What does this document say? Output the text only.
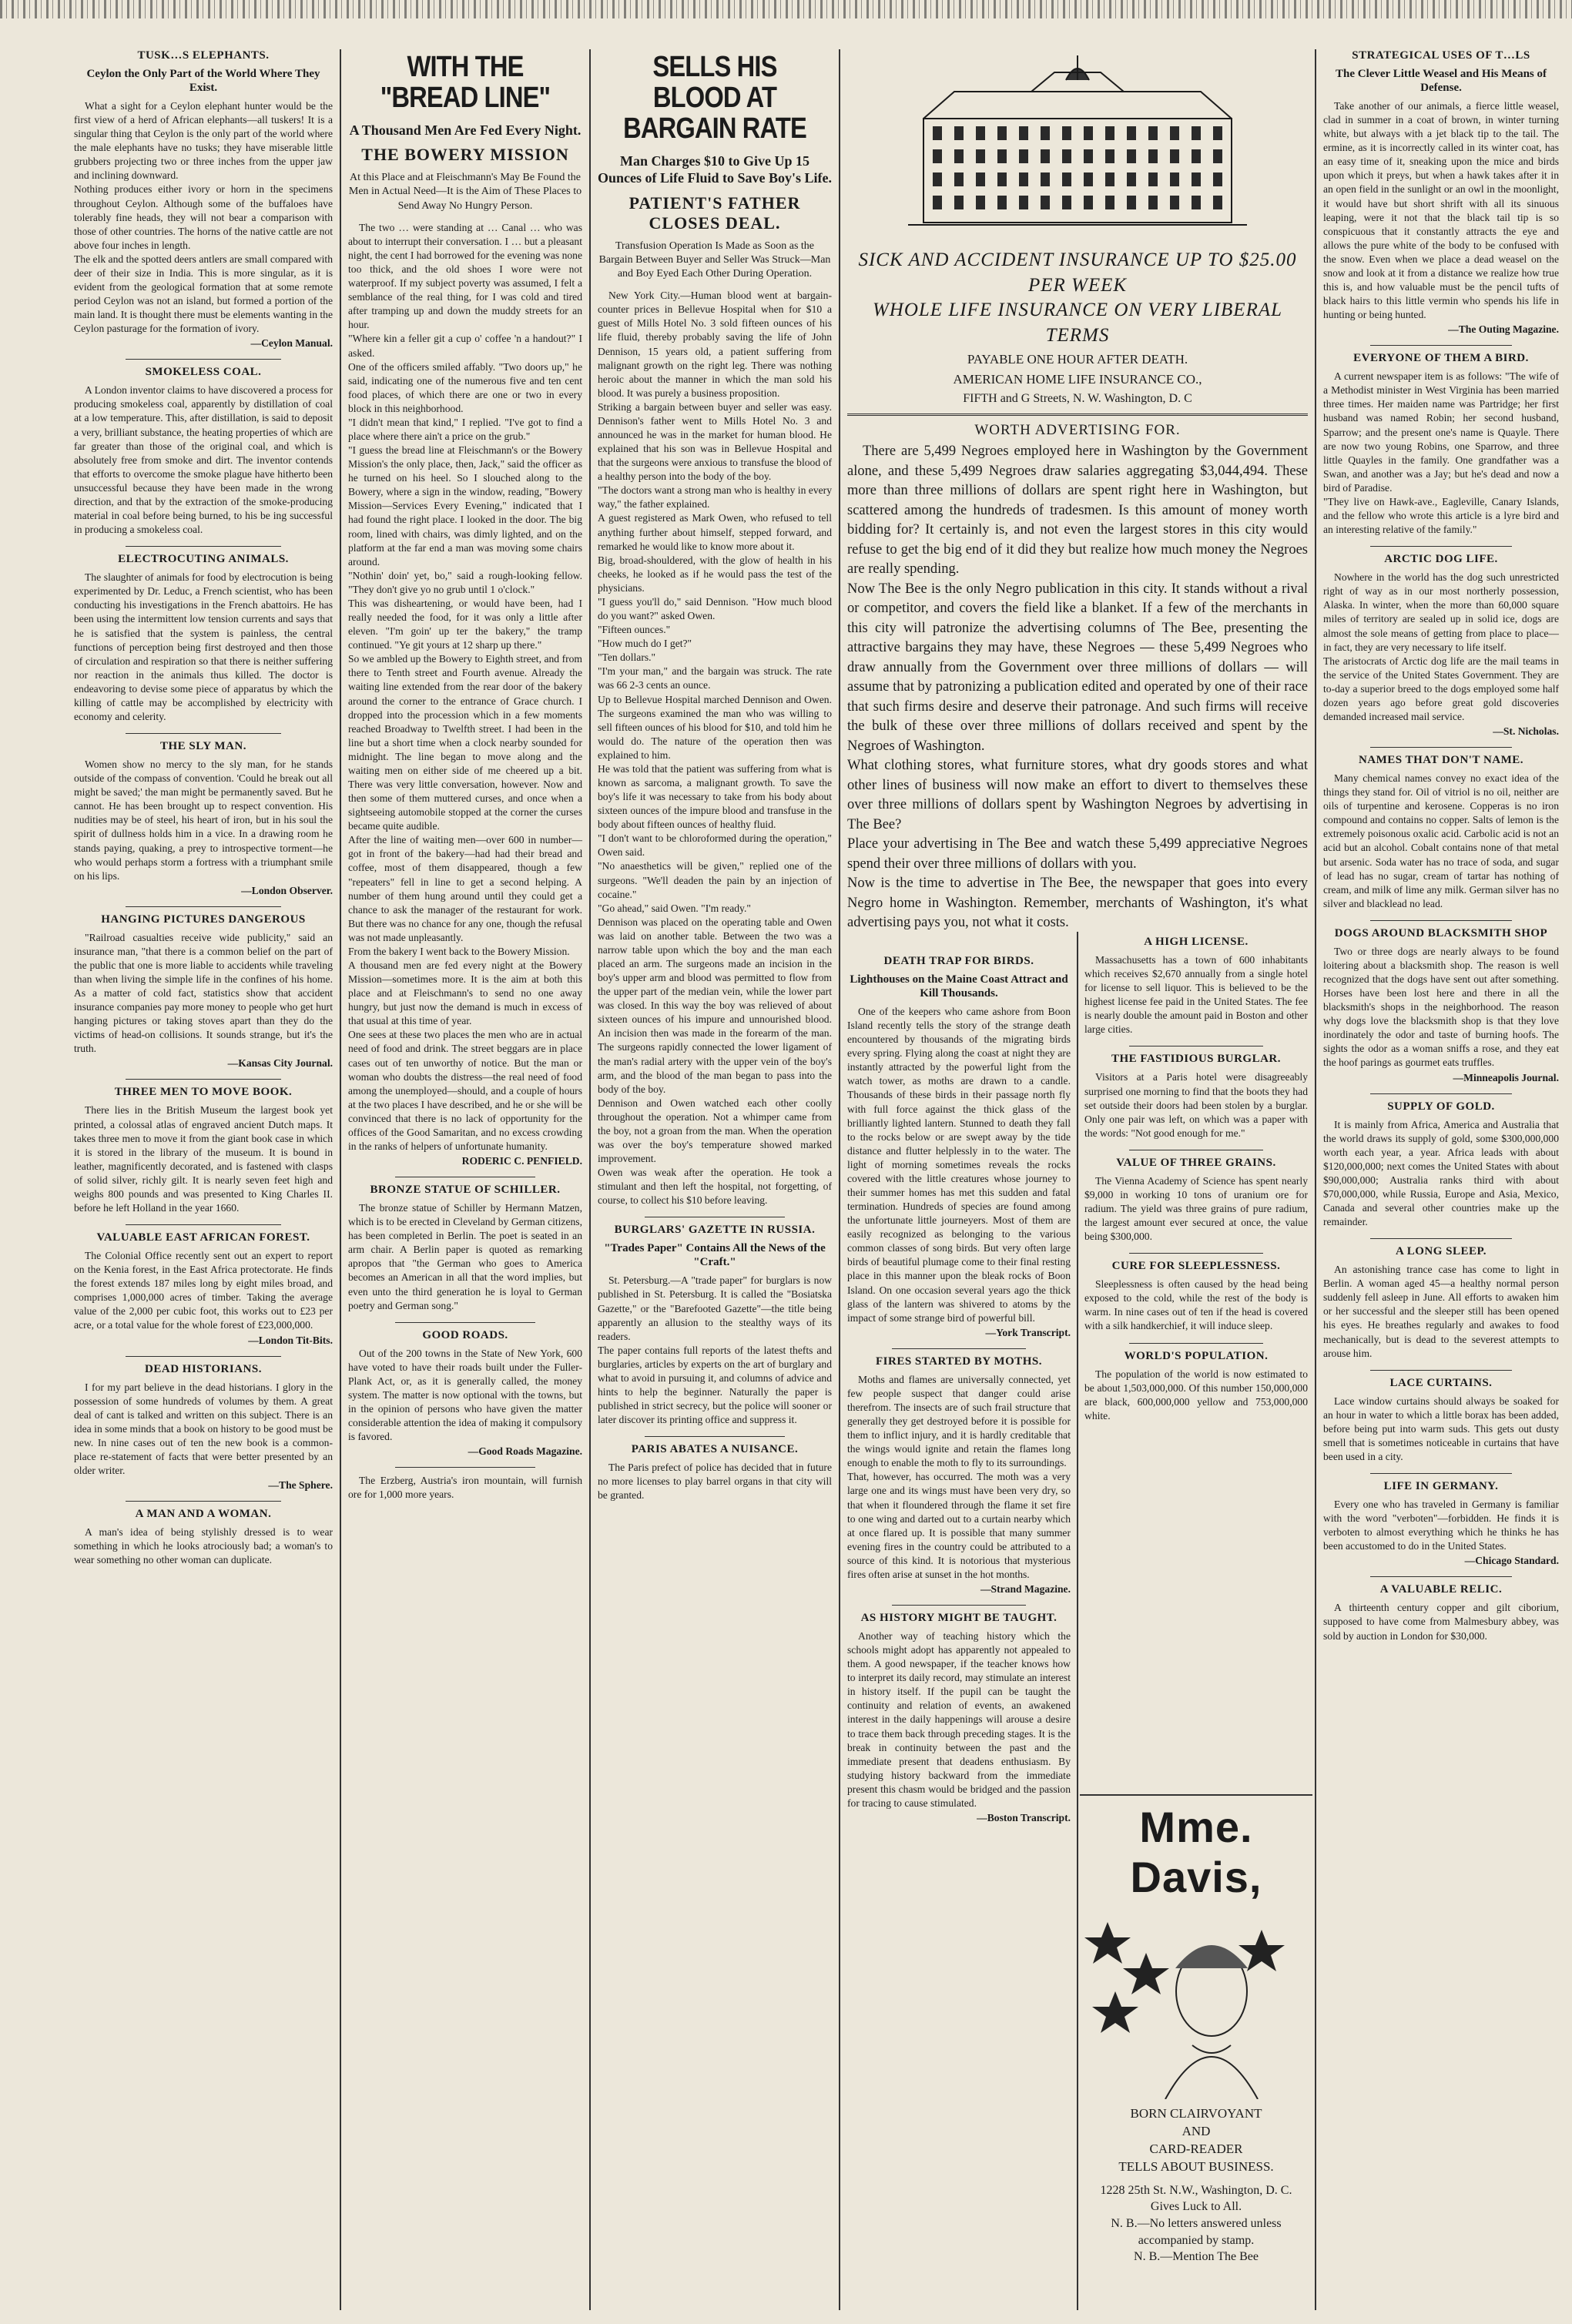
TUSK…S ELEPHANTS.

Ceylon the Only Part of the World Where They Exist.

What a sight for a Ceylon elephant hunter would be the first view of a herd of African elephants—all tuskers! It is a singular thing that Ceylon is the only part of the world where the male elephants have no tusks; they have miserable little grubbers projecting two or three inches from the upper jaw and inclining downward.
Nothing produces either ivory or horn in the specimens throughout Ceylon. Although some of the buffaloes have tolerably fine heads, they will not bear a comparison with those of other countries. The horns of the native cattle are not above four inches in length.
The elk and the spotted deers antlers are small compared with deer of their size in India. This is more singular, as it is evident from the geological formation that at some remote period Ceylon was not an island, but formed a portion of the main land. It is thought there must be elements wanting in the Ceylon pasturage for the formation of ivory.

—Ceylon Manual.

SMOKELESS COAL.

A London inventor claims to have discovered a process for producing smokeless coal, apparently by distillation of coal at a low temperature. This, after distillation, is said to deposit a very, brilliant substance, the heating properties of which are far greater than those of the original coal, and which is absolutely free from smoke and dirt. The inventor contends that efforts to overcome the smoke plague have hitherto been unsuccessful because they have been made in the wrong direction, and that by the extraction of the smoke-producing material in coal before being burned, to his be ing successful in producing a smokeless coal.

ELECTROCUTING ANIMALS.

The slaughter of animals for food by electrocution is being experimented by Dr. Leduc, a French scientist, who has been conducting his investigations in the French abattoirs. He has been using the intermittent low tension currents and says that he is satisfied that the system is painless, the central functions of perception being first destroyed and then those of circulation and respiration so that there is neither suffering nor reaction in the animals thus killed. The doctor is endeavoring to devise some piece of apparatus by which the killing of cattle may be accomplished by electricity with economy and celerity.

THE SLY MAN.

Women show no mercy to the sly man, for he stands outside of the compass of convention. 'Could he break out all might be saved;' the man might be permanently saved. But he cannot. He has been brought up to respect convention. His nudities may be of steel, his heart of iron, but in his soul the spirit of dullness holds him in a vice. In a drawing room he stands paying, quaking, a prey to introspective torment—he who would perhaps storm a fortress with a triumphant smile on his lips.

—London Observer.

HANGING PICTURES DANGEROUS

"Railroad casualties receive wide publicity," said an insurance man, "that there is a common belief on the part of the public that one is more liable to accidents while traveling than when living the simple life in the confines of his home. As a matter of cold fact, statistics show that accident insurance companies pay more money to people who get hurt hanging pictures or taking stoves apart than they do the victims of head-on collisions. It sounds strange, but it's the truth.

—Kansas City Journal.

THREE MEN TO MOVE BOOK.

There lies in the British Museum the largest book yet printed, a colossal atlas of engraved ancient Dutch maps. It takes three men to move it from the giant book case in which it is stored in the library of the museum. It is bound in leather, magnificently decorated, and is fastened with clasps of solid silver, richly gilt. It is nearly seven feet high and weighs 800 pounds and was presented to King Charles II. before he left Holland in the year 1660.

VALUABLE EAST AFRICAN FOREST.

The Colonial Office recently sent out an expert to report on the Kenia forest, in the East Africa protectorate. He finds the forest extends 187 miles long by eight miles broad, and comprises 1,000,000 acres of timber. Taking the average value of the 2,000 per cubic foot, this works out to £23 per acre, or a total value for the whole forest of £23,000,000.

—London Tit-Bits.

DEAD HISTORIANS.

I for my part believe in the dead historians. I glory in the possession of some hundreds of volumes by them. A great deal of cant is talked and written on this subject. There is an idea in some minds that a book on history to be good must be new. In nine cases out of ten the new book is a common-place re-statement of facts that were better presented by an older writer.

—The Sphere.

A MAN AND A WOMAN.

A man's idea of being stylishly dressed is to wear something in which he looks atrociously bad; a woman's to wear something no other woman can duplicate.

WITH THE "BREAD LINE"

A Thousand Men Are Fed Every Night.

THE BOWERY MISSION

At this Place and at Fleischmann's May Be Found the Men in Actual Need—It is the Aim of These Places to Send Away No Hungry Person.

The two … were standing at … Canal … who was about to interrupt their conversation. I … but a pleasant night, the cent I had borrowed for the evening was none too thick, and the old shoes I wore were not waterproof. If my subject poverty was assumed, I felt a semblance of the real thing, for I was cold and tired after tramping up and down the muddy streets for an hour.
"Where kin a feller git a cup o' coffee 'n a handout?" I asked.
One of the officers smiled affably. "Two doors up," he said, indicating one of the numerous five and ten cent food places, of which there are one or two in every block in this neighborhood.
"I didn't mean that kind," I replied. "I've got to find a place where there ain't a price on the grub."
"I guess the bread line at Fleischmann's or the Bowery Mission's the only place, then, Jack," said the officer as he turned on his heel. So I slouched along to the Bowery, where a sign in the window, reading, "Bowery Mission—Services Every Evening," indicated that I had found the right place. I looked in the door. The big room, lined with chairs, was dimly lighted, and on the platform at the far end a man was moving some chairs around.
"Nothin' doin' yet, bo," said a rough-looking fellow. "They don't give yo no grub until 1 o'clock."
This was disheartening, or would have been, had I really needed the food, for it was only a little after eleven. "I'm goin' up ter the bakery," the tramp continued. "Ye git yours at 12 sharp up there."
So we ambled up the Bowery to Eighth street, and from there to Tenth street and Fourth avenue. Already the waiting line extended from the rear door of the bakery around the corner to the entrance of Grace church. I dropped into the procession which in a few moments reached Broadway to Twelfth street. I had been in the line but a short time when a clock nearby sounded for midnight. The line began to move along and the waiting men on either side of me cheered up a bit. There was very little conversation, however. Now and then some of them muttered curses, and once when a sightseeing automobile stopped at the corner the curses became quite audible.
After the line of waiting men—over 600 in number—got in front of the bakery—had had their bread and coffee, most of them disappeared, though a few "repeaters" fell in line to get a second helping. A number of them hung around until they could get a chance to ask the manager of the restaurant for work. But there was no chance for any one, though the refusal was not made unpleasantly.
From the bakery I went back to the Bowery Mission.
A thousand men are fed every night at the Bowery Mission—sometimes more. It is the aim at both this place and at Fleischmann's to send no one away hungry, but just now the demand is much in excess of that usual at this time of year.
One sees at these two places the men who are in actual need of food and drink. The street beggars are in place cases out of ten unworthy of notice. But the man or woman who doubts the distress—the real need of food among the unemployed—should, and a couple of hours at the two places I have described, and he or she will be convinced that there is no lack of opportunity for the offices of the Good Samaritan, and no excess crowding in the ranks of helpers of unfortunate humanity.

RODERIC C. PENFIELD.

BRONZE STATUE OF SCHILLER.

The bronze statue of Schiller by Hermann Matzen, which is to be erected in Cleveland by German citizens, has been completed in Berlin. The poet is seated in an arm chair. A Berlin paper is quoted as remarking apropos that "the German who goes to America becomes an American in all that the word implies, but even unto the third generation he is loyal to German poetry and German song."

GOOD ROADS.

Out of the 200 towns in the State of New York, 600 have voted to have their roads built under the Fuller-Plank Act, or, as it is generally called, the money system. The matter is now optional with the towns, but in the opinion of persons who have given the matter considerable attention the idea of making it compulsory is favored.

—Good Roads Magazine.

The Erzberg, Austria's iron mountain, will furnish ore for 1,000 more years.

SELLS HIS BLOOD AT BARGAIN RATE

Man Charges $10 to Give Up 15 Ounces of Life Fluid to Save Boy's Life.

PATIENT'S FATHER CLOSES DEAL.

Transfusion Operation Is Made as Soon as the Bargain Between Buyer and Seller Was Struck—Man and Boy Eyed Each Other During Operation.

New York City.—Human blood went at bargain-counter prices in Bellevue Hospital when for $10 a guest of Mills Hotel No. 3 sold fifteen ounces of his life fluid, thereby probably saving the life of John Dennison, 15 years old, a patient suffering from malignant growth on the right leg. There was nothing heroic about the manner in which the man sold his blood. It was purely a business proposition.
Striking a bargain between buyer and seller was easy. Dennison's father went to Mills Hotel No. 3 and announced he was in the market for human blood. He explained that his son was in Bellevue Hospital and that the surgeons were anxious to transfuse the blood of a healthy person into the body of the boy.
"The doctors want a strong man who is healthy in every way," the father explained.
A guest registered as Mark Owen, who refused to tell anything further about himself, stepped forward, and remarked he would like to know more about it.
Big, broad-shouldered, with the glow of health in his cheeks, he looked as if he would pass the test of the physicians.
"I guess you'll do," said Dennison. "How much blood do you want?" asked Owen.
"Fifteen ounces."
"How much do I get?"
"Ten dollars."
"I'm your man," and the bargain was struck. The rate was 66 2-3 cents an ounce.
Up to Bellevue Hospital marched Dennison and Owen. The surgeons examined the man who was willing to sell fifteen ounces of his blood for $10, and told him he would do. The nature of the operation then was explained to him.
He was told that the patient was suffering from what is known as sarcoma, a malignant growth. To save the boy's life it was necessary to take from his body about sixteen ounces of the impure blood and transfuse in the body about fifteen ounces of healthy fluid.
"I don't want to be chloroformed during the operation," Owen said.
"No anaesthetics will be given," replied one of the surgeons. "We'll deaden the pain by an injection of cocaine."
"Go ahead," said Owen. "I'm ready."
Dennison was placed on the operating table and Owen was laid on another table. Between the two was a narrow table upon which the boy and the man each placed an arm. The surgeons made an incision in the boy's upper arm and blood was permitted to flow from the upper part of the median vein, while the lower part was closed. In this way the boy was relieved of about sixteen ounces of his impure and unnourished blood. An incision then was made in the forearm of the man. The surgeons rapidly connected the lower ligament of the man's radial artery with the upper vein of the boy's arm, and the blood of the man began to pass into the body of the boy.
Dennison and Owen watched each other coolly throughout the operation. Not a whimper came from the boy, not a groan from the man. When the operation was over the boy's temperature showed marked improvement.
Owen was weak after the operation. He took a stimulant and then left the hospital, not forgetting, of course, to collect his $10 before leaving.

BURGLARS' GAZETTE IN RUSSIA.

"Trades Paper" Contains All the News of the "Craft."

St. Petersburg.—A "trade paper" for burglars is now published in St. Petersburg. It is called the "Bosiatska Gazette," or the "Barefooted Gazette"—the title being apparently an allusion to the stealthy ways of its readers.
The paper contains full reports of the latest thefts and burglaries, articles by experts on the art of burglary and what to avoid in pursuing it, and columns of advice and hints to help the beginner. Naturally the paper is published in strict secrecy, but the police will sooner or later discover its printing office and suppress it.

PARIS ABATES A NUISANCE.

The Paris prefect of police has decided that in future no more licenses to play barrel organs in that city will be granted.

SICK AND ACCIDENT INSURANCE UP TO $25.00 PER WEEK

WHOLE LIFE INSURANCE ON VERY LIBERAL TERMS

PAYABLE ONE HOUR AFTER DEATH.

AMERICAN HOME LIFE INSURANCE CO.,

FIFTH and G Streets, N. W. Washington, D. C

WORTH ADVERTISING FOR.

There are 5,499 Negroes employed here in Washington by the Government alone, and these 5,499 Negroes draw salaries aggregating $3,044,494. These more than three millions of dollars are spent right here in Washington, but scattered among the hundreds of tradesmen. Is this amount of money worth bidding for? It certainly is, and not even the largest stores in this city would refuse to get the big end of it did they but realize how much money the Negroes are really spending.
Now The Bee is the only Negro publication in this city. It stands without a rival or competitor, and covers the field like a blanket. If a few of the merchants in this city will patronize the advertising columns of The Bee, presenting the attractive bargains they may have, these Negroes — these 5,499 Negroes who draw annually from the Government over three millions of dollars — will assume that by patronizing a publication edited and operated by one of their race that such firms desire and deserve their patronage. And such firms will receive the bulk of these over three millions of dollars received and spent by the Negroes of Washington.
What clothing stores, what furniture stores, what dry goods stores and what other lines of business will now make an effort to divert to themselves these over three millions of dollars spent by Washington Negroes by advertising in The Bee?
Place your advertising in The Bee and watch these 5,499 appreciative Negroes spend their over three millions of dollars with you.
Now is the time to advertise in The Bee, the newspaper that goes into every Negro home in Washington. Remember, merchants of Washington, it's what advertising pays you, not what it costs.

DEATH TRAP FOR BIRDS.

Lighthouses on the Maine Coast Attract and Kill Thousands.

One of the keepers who came ashore from Boon Island recently tells the story of the strange death encountered by thousands of the migrating birds every spring. Flying along the coast at night they are instantly attracted by the powerful light from the watch tower, as moths are drawn to a candle. Thousands of these birds in their passage north fly with full force against the thick glass of the brilliantly lighted lantern. Stunned to death they fall to the rocks below or are swept away by the tide distance and flutter helplessly in to the water. The light of morning sometimes reveals the rocks covered with the little creatures whose journey to their summer homes has met this sudden and fatal termination. Hundreds of species are found among the unfortunate little journeyers. Most of them are easily recognized as belonging to the various common classes of song birds. But very often large birds of beautiful plumage come to their final resting place in this manner upon the bleak rocks of Boon Island. On one occasion several years ago the thick glass of the lantern was shivered to atoms by the impact of some strange bird of powerful bill.

—York Transcript.

FIRES STARTED BY MOTHS.

Moths and flames are universally connected, yet few people suspect that danger could arise therefrom. The insects are of such frail structure that generally they get destroyed before it is possible for them to inflict injury, and it is hardly creditable that the wings would ignite and retain the flames long enough to enable the moth to fly to its surroundings.
That, however, has occurred. The moth was a very large one and its wings must have been very dry, so that when it floundered through the flame it set fire to one wing and darted out to a curtain nearby which at once flared up. It is possible that many summer evening fires in the country could be attributed to a source of this kind. It is notorious that mysterious fires often arise at sunset in the hot months.

—Strand Magazine.

AS HISTORY MIGHT BE TAUGHT.

Another way of teaching history which the schools might adopt has apparently not appealed to them. A good newspaper, if the teacher knows how to interpret its daily record, may stimulate an interest in history itself. If the pupil can be taught the continuity and relation of events, an awakened interest in the daily happenings will arouse a desire to trace them back through preceding stages. It is the break in continuity between the past and the immediate present that deadens enthusiasm. By studying history backward from the immediate present this chasm would be bridged and the passion for tracing to cause stimulated.

—Boston Transcript.

A HIGH LICENSE.

Massachusetts has a town of 600 inhabitants which receives $2,670 annually from a single hotel for license to sell liquor. This is believed to be the highest license fee paid in the United States. The fee is nearly double the amount paid in Boston and other large cities.

THE FASTIDIOUS BURGLAR.

Visitors at a Paris hotel were disagreeably surprised one morning to find that the boots they had set outside their doors had been stolen by a burglar. Only one pair was left, on which was a paper with the words: "Not good enough for me."

VALUE OF THREE GRAINS.

The Vienna Academy of Science has spent nearly $9,000 in working 10 tons of uranium ore for radium. The yield was three grains of pure radium, the largest amount ever secured at once, the value being $300,000.

CURE FOR SLEEPLESSNESS.

Sleeplessness is often caused by the head being exposed to the cold, while the rest of the body is warm. In nine cases out of ten if the head is covered with a silk handkerchief, it will induce sleep.

WORLD'S POPULATION.

The population of the world is now estimated to be about 1,503,000,000. Of this number 150,000,000 are black, 600,000,000 yellow and 753,000,000 white.

Mme. Davis,

BORN CLAIRVOYANT

AND

CARD-READER

TELLS ABOUT BUSINESS.

1228 25th St. N.W., Washington, D. C.

Gives Luck to All.

N. B.—No letters answered unless accompanied by stamp.

N. B.—Mention The Bee

STRATEGICAL USES OF T…LS

The Clever Little Weasel and His Means of Defense.

Take another of our animals, a fierce little weasel, clad in summer in a coat of brown, in winter turning white, but always with a jet black tip to the tail. The ermine, as it is incorrectly called in its winter coat, has an easy time of it, sneaking upon the mice and birds upon which it preys, but when a hawk takes after it in an open field in the sunlight or an owl in the moonlight, it would have but short shrift with all its sinuous leaping, were it not that the black tail tip is so conspicuous that it constantly attracts the eye and allows the pure white of the body to be confused with the snow. Even when we place a dead weasel on the snow and look at it from a distance we realize how true this is, and how valuable must be the pencil tufts of black hairs to this little vermin who spends his life in hunting or being hunted.

—The Outing Magazine.

EVERYONE OF THEM A BIRD.

A current newspaper item is as follows: "The wife of a Methodist minister in West Virginia has been married three times. Her maiden name was Partridge; her first husband was named Robin; her second husband, Sparrow; and the present one's name is Quayle. There are now two young Robins, one Sparrow, and three little Quayles in the family. One grandfather was a Swan, and another was a Jay; but he's dead and now a bird of Paradise.
"They live on Hawk-ave., Eagleville, Canary Islands, and the fellow who wrote this article is a lyre bird and an interesting relative of the family."

ARCTIC DOG LIFE.

Nowhere in the world has the dog such unrestricted right of way as in our most northerly possession, Alaska. In winter, when the more than 60,000 square miles of territory are sealed up in solid ice, dogs are almost the sole means of getting from place to place—in fact, they are very necessary to life itself.
The aristocrats of Arctic dog life are the mail teams in the service of the United States Government. They are to-day a superior breed to the dogs employed some half dozen years ago before great gold discoveries demanded increased mail service.

—St. Nicholas.

NAMES THAT DON'T NAME.

Many chemical names convey no exact idea of the things they stand for. Oil of vitriol is no oil, neither are oils of turpentine and kerosene. Copperas is no iron compound and contains no copper. Salts of lemon is the extremely poisonous oxalic acid. Carbolic acid is not an acid but an alcohol. Cobalt contains none of that metal but arsenic. Soda water has no trace of soda, and sugar of lead has no sugar, cream of tartar has nothing of cream, and milk of lime any milk. German silver has no silver and blacklead no lead.

DOGS AROUND BLACKSMITH SHOP

Two or three dogs are nearly always to be found loitering about a blacksmith shop. The reason is well recognized that the dogs have sent out after something. Horses have been lost here and there in all the blacksmith's shops in the neighborhood. The reason why dogs love the blacksmith shop is that they love inordinately the odor and taste of burning hoofs. The sights the odor as a woman sniffs a rose, and they eat the hoof parings as gourmet eats truffles.

—Minneapolis Journal.

SUPPLY OF GOLD.

It is mainly from Africa, America and Australia that the world draws its supply of gold, some $300,000,000 worth each year, a year. Africa leads with about $120,000,000; next comes the United States with about $90,000,000; Australia ranks third with about $70,000,000, while Russia, Europe and Asia, Mexico, Canada and several other countries make up the remainder.

A LONG SLEEP.

An astonishing trance case has come to light in Berlin. A woman aged 45—a healthy normal person suddenly fell asleep in June. All efforts to awaken him or her successful and the sleeper still has been opened his eyes. He breathes regularly and awakes to food mechanically, but is dead to the severest attempts to arouse him.

LACE CURTAINS.

Lace window curtains should always be soaked for an hour in water to which a little borax has been added, before being put into warm suds. This gets out dusty smell that is sometimes noticeable in curtains that have been used in a city.

LIFE IN GERMANY.

Every one who has traveled in Germany is familiar with the word "verboten"—forbidden. He finds it is verboten to almost everything which he thinks he has been accustomed to do in the United States.

—Chicago Standard.

A VALUABLE RELIC.

A thirteenth century copper and gilt ciborium, supposed to have come from Malmesbury abbey, was sold by auction in London for $30,000.
